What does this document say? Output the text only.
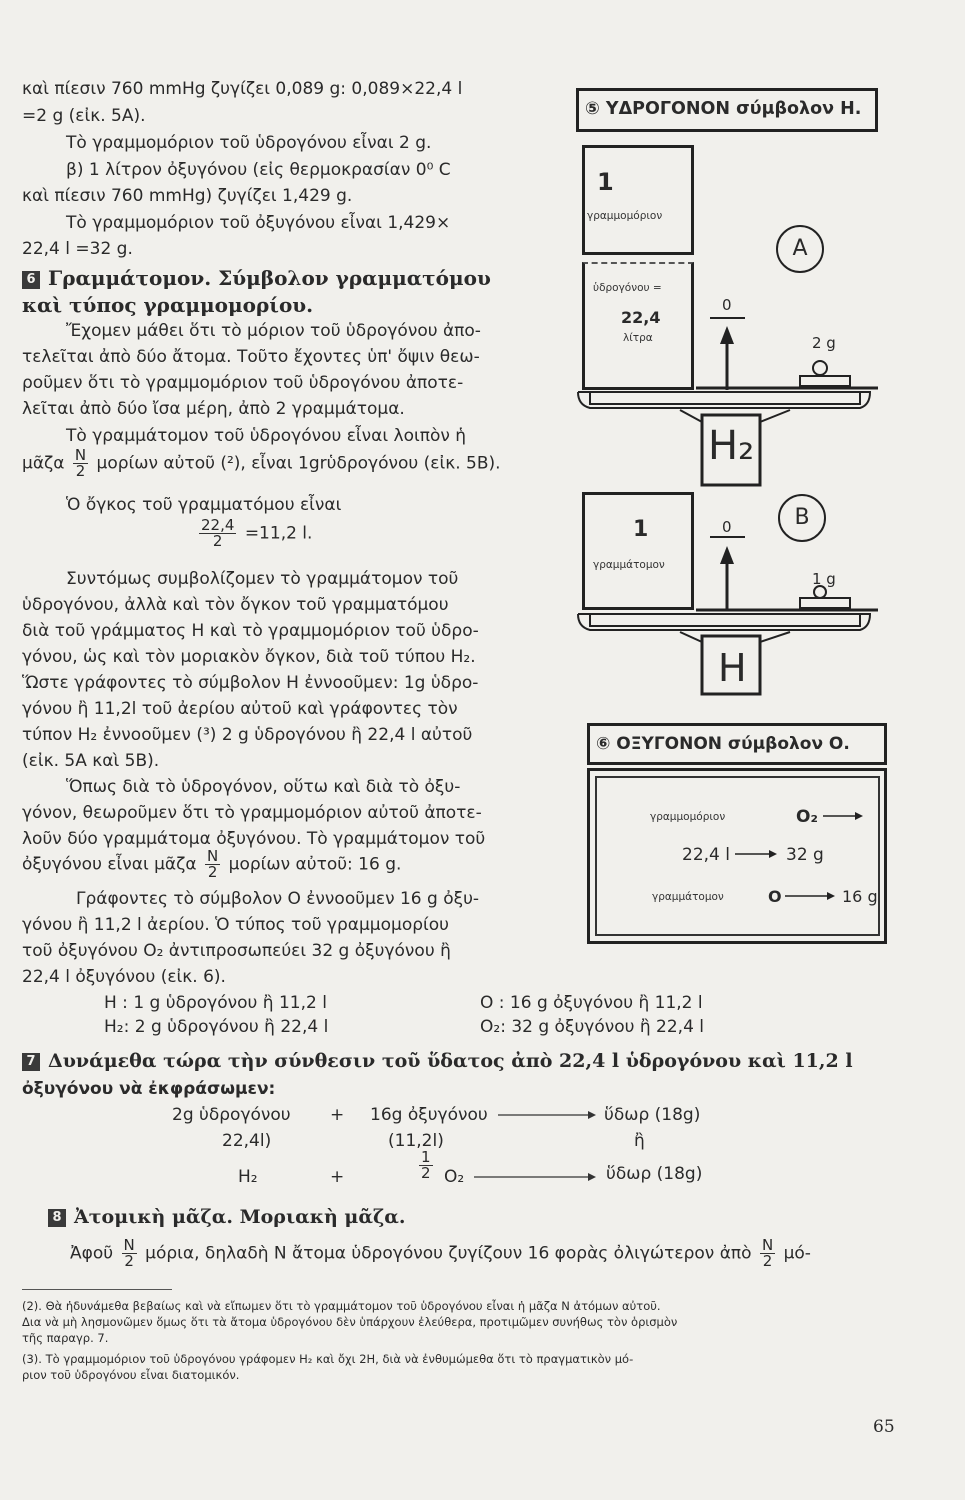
καὶ πίεσιν 760 mmHg ζυγίζει 0,089 g: 0,089×22,4 l

=2 g (εἰκ. 5Α).

Τὸ γραμμομόριον τοῦ ὑδρογόνου εἶναι 2 g.

β) 1 λίτρον ὀξυγόνου (εἰς θερμοκρασίαν 0⁰ C

καὶ πίεσιν 760 mmHg) ζυγίζει 1,429 g.

Τὸ γραμμομόριον τοῦ ὀξυγόνου εἶναι 1,429×

22,4 l =32 g.

6 Γραμμάτομον. Σύμβολον γραμματόμου

καὶ τύπος γραμμομορίου.

Ἔχομεν μάθει ὅτι τὸ μόριον τοῦ ὑδρογόνου ἀπο-

τελεῖται ἀπὸ δύο ἄτομα. Τοῦτο ἔχοντες ὑπ' ὄψιν θεω-

ροῦμεν ὅτι τὸ γραμμομόριον τοῦ ὑδρογόνου ἀποτε-

λεῖται ἀπὸ δύο ἴσα μέρη, ἀπὸ 2 γραμμάτομα.

Τὸ γραμμάτομον τοῦ ὑδρογόνου εἶναι λοιπὸν ἡ

μᾶζα $\frac{N}{2}$ μορίων αὐτοῦ (²), εἶναι 1grὑδρογόνου (εἰκ. 5Β).

Ὁ ὄγκος τοῦ γραμματόμου εἶναι

$\frac{22,4}{2} =11,2$ l.

Συντόμως συμβολίζομεν τὸ γραμμάτομον τοῦ

ὑδρογόνου, ἀλλὰ καὶ τὸν ὄγκον τοῦ γραμματόμου

διὰ τοῦ γράμματος Η καὶ τὸ γραμμομόριον τοῦ ὑδρο-

γόνου, ὡς καὶ τὸν μοριακὸν ὄγκον, διὰ τοῦ τύπου Η₂.

Ὥστε γράφοντες τὸ σύμβολον Η ἐννοοῦμεν: 1g ὑδρο-

γόνου ἢ 11,2l τοῦ ἀερίου αὐτοῦ καὶ γράφοντες τὸν

τύπον Η₂ ἐννοοῦμεν (³) 2 g ὑδρογόνου ἢ 22,4 l αὐτοῦ

(εἰκ. 5Α καὶ 5Β).

Ὅπως διὰ τὸ ὑδρογόνον, οὕτω καὶ διὰ τὸ ὀξυ-

γόνον, θεωροῦμεν ὅτι τὸ γραμμομόριον αὐτοῦ ἀποτε-

λοῦν δύο γραμμάτομα ὀξυγόνου. Τὸ γραμμάτομον τοῦ

ὀξυγόνου εἶναι μᾶζα $\frac{N}{2}$ μορίων αὐτοῦ: 16 g.

Γράφοντες τὸ σύμβολον Ο ἐννοοῦμεν 16 g ὀξυ-

γόνου ἢ 11,2 l ἀερίου. Ὁ τύπος τοῦ γραμμομορίου

τοῦ ὀξυγόνου Ο₂ ἀντιπροσωπεύει 32 g ὀξυγόνου ἢ

22,4 l ὀξυγόνου (εἰκ. 6).

Η : 1 g ὑδρογόνου ἢ 11,2 l

Η₂: 2 g ὑδρογόνου ἢ 22,4 l

Ο : 16 g ὀξυγόνου ἢ 11,2 l

Ο₂: 32 g ὀξυγόνου ἢ 22,4 l

7 Δυνάμεθα τώρα τὴν σύνθεσιν τοῦ ὕδατος ἀπὸ 22,4 l ὑδρογόνου καὶ 11,2 l

ὀξυγόνου νὰ ἐκφράσωμεν:

2g ὑδρογόνου + 16g ὀξυγόνου	ὕδωρ (18g)

22,4l)	(11,2l)	ἢ

H₂	+	$\frac{1}{2} O_2$	ὕδωρ (18g)

8 Ἀτομικὴ μᾶζα. Μοριακὴ μᾶζα.

Ἀφοῦ $\frac{N}{2} \mu ό\rho\iota\alpha$, δηλαδὴ Ν ἄτομα ὑδρογόνου ζυγίζουν 16 φορὰς ὀλιγώτερον ἀπὸ $\frac{N}{2} \mu ό-$

(2). Θὰ ἠδυνάμεθα βεβαίως καὶ νὰ εἴπωμεν ὅτι τὸ γραμμάτομον τοῦ ὑδρογόνου εἶναι ἡ μᾶζα Ν ἀτόμων αὐτοῦ.

Δια νὰ μὴ λησμονῶμεν ὅμως ὅτι τὰ ἄτομα ὑδρογόνου δὲν ὑπάρχουν ἐλεύθερα, προτιμῶμεν συνήθως τὸν ὁρισμὸν

τῆς παραγρ. 7.

(3). Τὸ γραμμομόριον τοῦ ὑδρογόνου γράφομεν Η₂ καὶ ὄχι 2Η, διὰ νὰ ἐνθυμώμεθα ὅτι τὸ πραγματικὸν μό-

ριον τοῦ ὑδρογόνου εἶναι διατομικόν.

65

⑤ ΥΔΡΟΓΟΝΟΝ σύμβολον Η.
1
γραμμομόριον
ὑδρογόνου =
22,4
λίτρα
A
0
2 g
H₂
1
γραμμάτομον
0	B
1 g
H
⑥ ΟΞΥΓΟΝΟΝ σύμβολον Ο.
γραμμομόριον	O₂
22,4 l	32 g
γραμμάτομον	O	16 g
